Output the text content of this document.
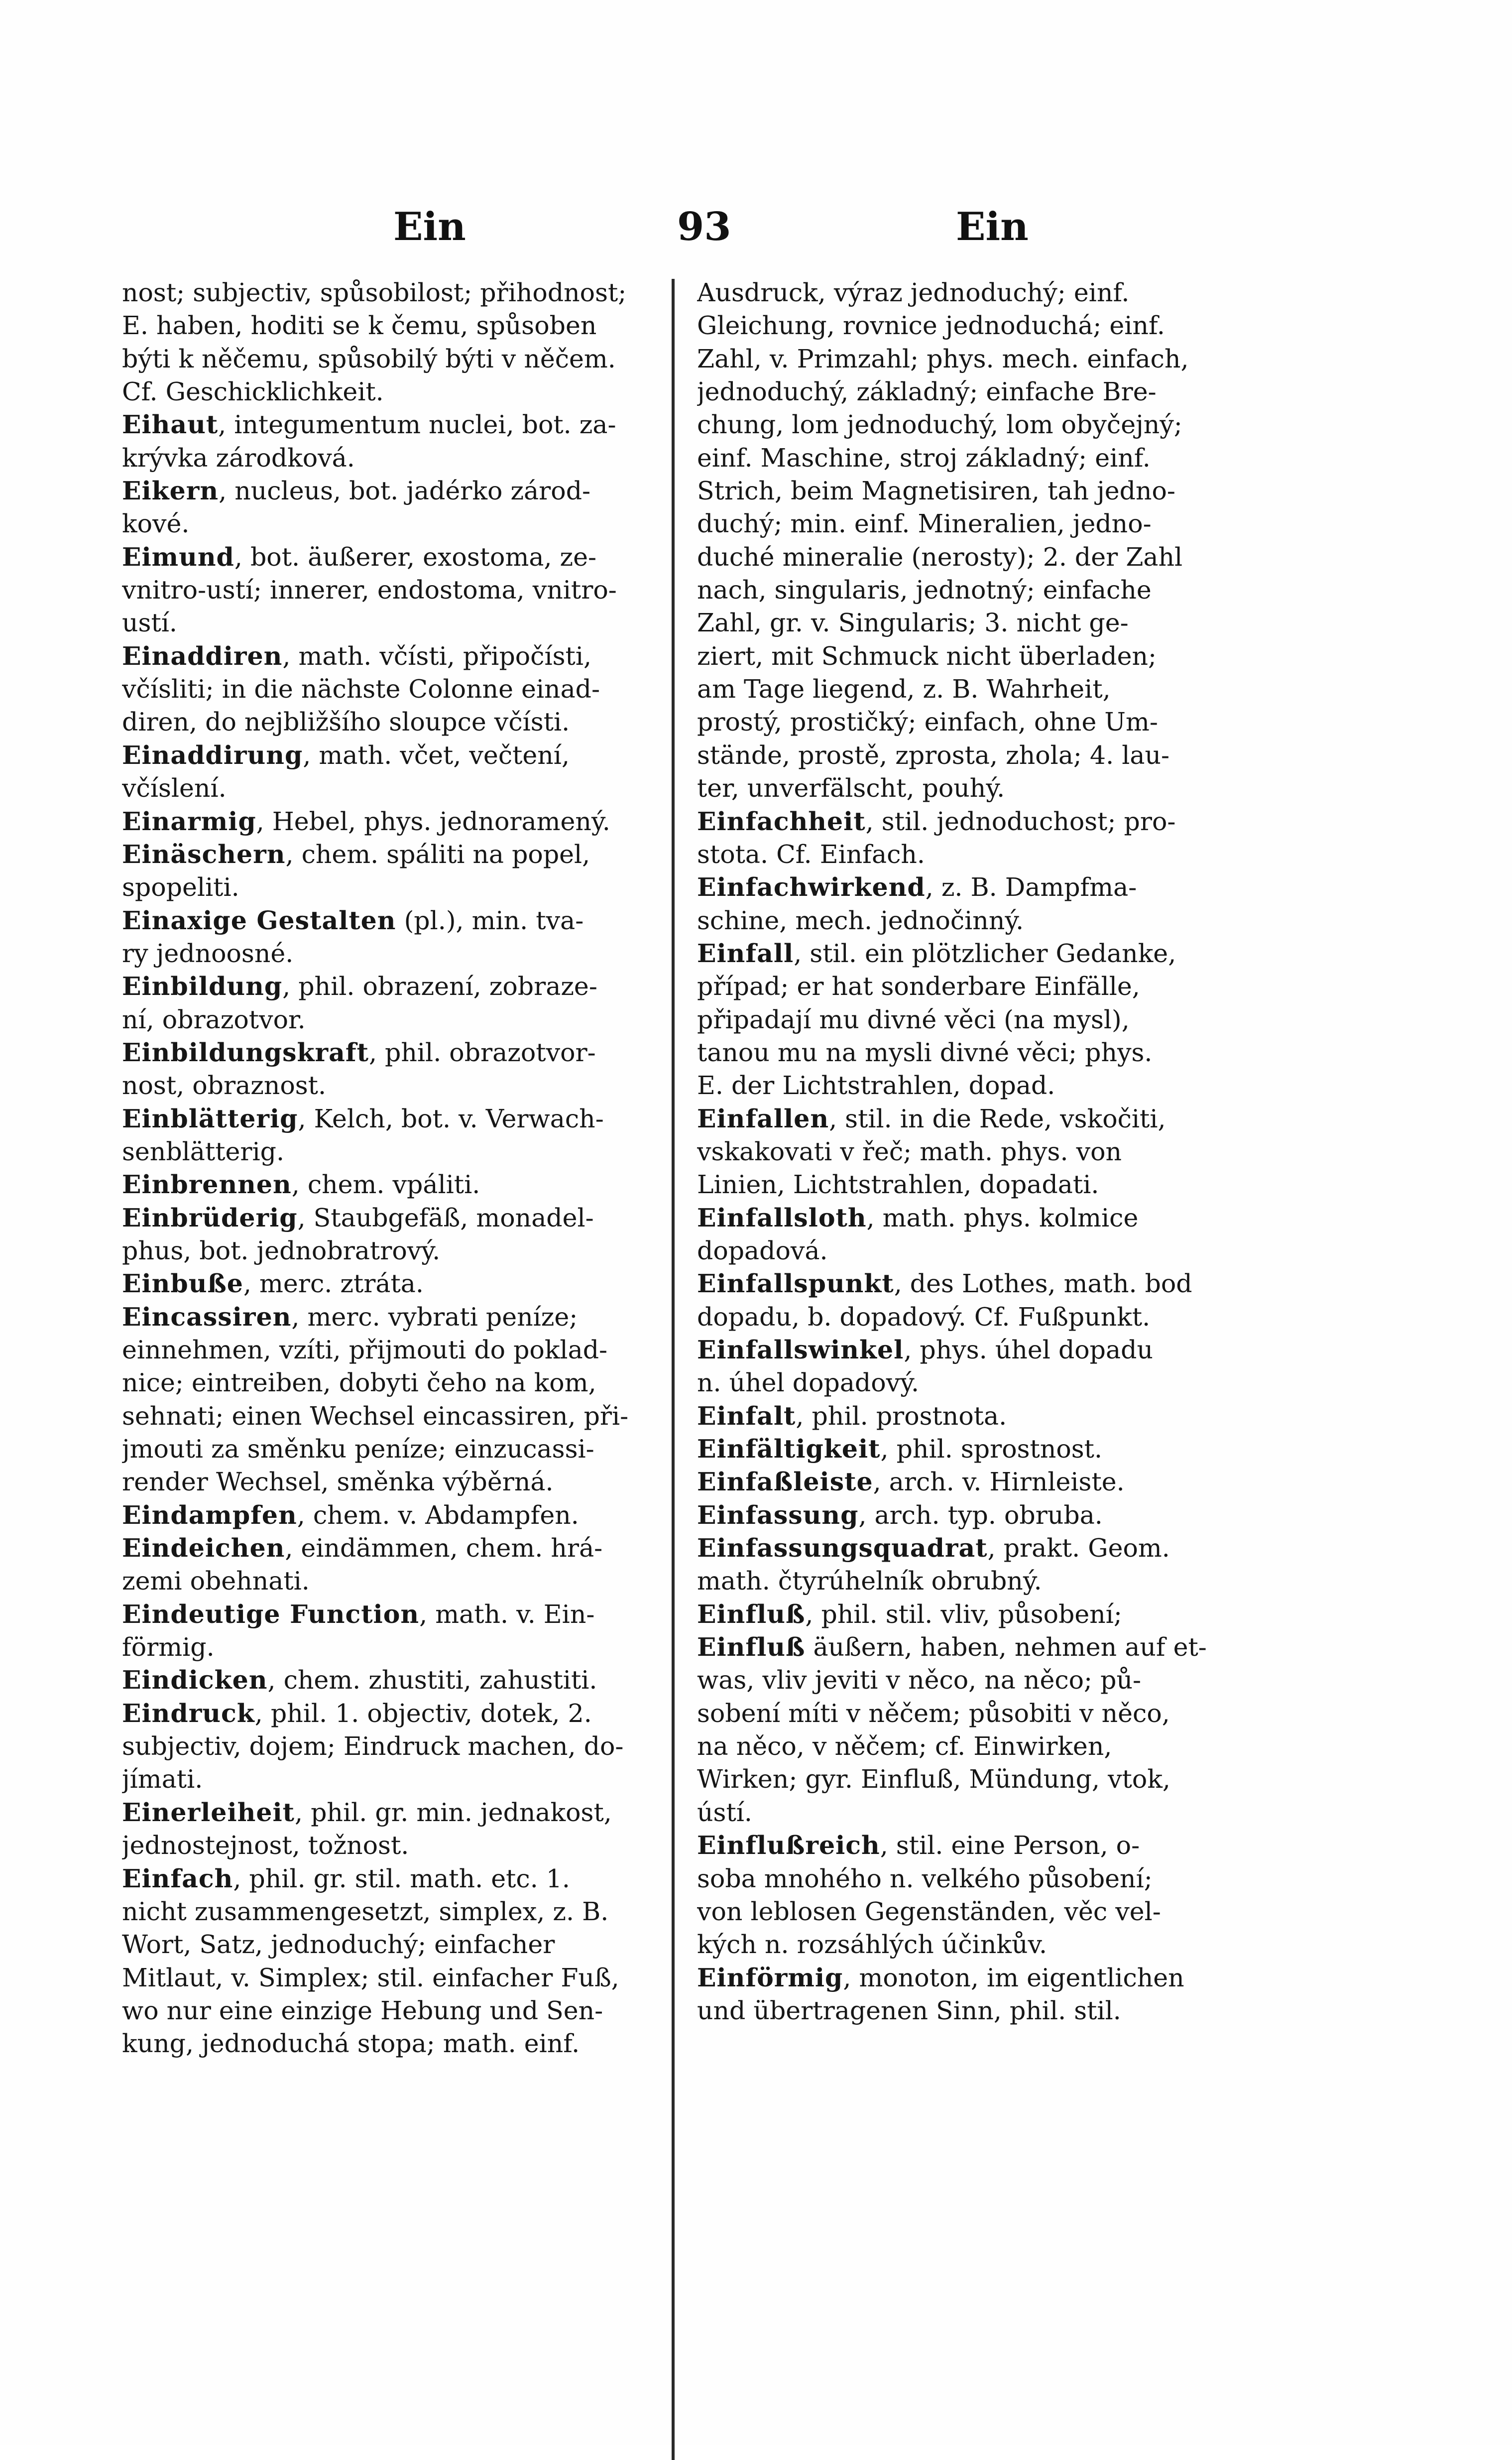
Ein	93	Ein
nost; subjectiv, spůsobilost; přihodnost;
E. haben, hoditi se k čemu, spůsoben
býti k něčemu, spůsobilý býti v něčem.
Cf. Geschicklichkeit.
Eihaut, integumentum nuclei, bot. za-
krývka zárodková.
Eikern, nucleus, bot. jadérko zárod-
kové.
Eimund, bot. äußerer, exostoma, ze-
vnitro-ustí; innerer, endostoma, vnitro-
ustí.
Einaddiren, math. včísti, připočísti,
včísliti; in die nächste Colonne einad-
diren, do nejbližšího sloupce včísti.
Einaddirung, math. včet, večtení,
včíslení.
Einarmig, Hebel, phys. jednoramený.
Einäschern, chem. spáliti na popel,
spopeliti.
Einaxige Gestalten (pl.), min. tva-
ry jednoosné.
Einbildung, phil. obrazení, zobraze-
ní, obrazotvor.
Einbildungskraft, phil. obrazotvor-
nost, obraznost.
Einblätterig, Kelch, bot. v. Verwach-
senblätterig.
Einbrennen, chem. vpáliti.
Einbrüderig, Staubgefäß, monadel-
phus, bot. jednobratrový.
Einbuße, merc. ztráta.
Eincassiren, merc. vybrati peníze;
einnehmen, vzíti, přijmouti do poklad-
nice; eintreiben, dobyti čeho na kom,
sehnati; einen Wechsel eincassiren, při-
jmouti za směnku peníze; einzucassi-
render Wechsel, směnka výběrná.
Eindampfen, chem. v. Abdampfen.
Eindeichen, eindämmen, chem. hrá-
zemi obehnati.
Eindeutige Function, math. v. Ein-
förmig.
Eindicken, chem. zhustiti, zahustiti.
Eindruck, phil. 1. objectiv, dotek, 2.
subjectiv, dojem; Eindruck machen, do-
jímati.
Einerleiheit, phil. gr. min. jednakost,
jednostejnost, tožnost.
Einfach, phil. gr. stil. math. etc. 1.
nicht zusammengesetzt, simplex, z. B.
Wort, Satz, jednoduchý; einfacher
Mitlaut, v. Simplex; stil. einfacher Fuß,
wo nur eine einzige Hebung und Sen-
kung, jednoduchá stopa; math. einf.
Ausdruck, výraz jednoduchý; einf.
Gleichung, rovnice jednoduchá; einf.
Zahl, v. Primzahl; phys. mech. einfach,
jednoduchý, základný; einfache Bre-
chung, lom jednoduchý, lom obyčejný;
einf. Maschine, stroj základný; einf.
Strich, beim Magnetisiren, tah jedno-
duchý; min. einf. Mineralien, jedno-
duché mineralie (nerosty); 2. der Zahl
nach, singularis, jednotný; einfache
Zahl, gr. v. Singularis; 3. nicht ge-
ziert, mit Schmuck nicht überladen;
am Tage liegend, z. B. Wahrheit,
prostý, prostičký; einfach, ohne Um-
stände, prostě, zprosta, zhola; 4. lau-
ter, unverfälscht, pouhý.
Einfachheit, stil. jednoduchost; pro-
stota. Cf. Einfach.
Einfachwirkend, z. B. Dampfma-
schine, mech. jednočinný.
Einfall, stil. ein plötzlicher Gedanke,
případ; er hat sonderbare Einfälle,
připadají mu divné věci (na mysl),
tanou mu na mysli divné věci; phys.
E. der Lichtstrahlen, dopad.
Einfallen, stil. in die Rede, vskočiti,
vskakovati v řeč; math. phys. von
Linien, Lichtstrahlen, dopadati.
Einfallsloth, math. phys. kolmice
dopadová.
Einfallspunkt, des Lothes, math. bod
dopadu, b. dopadový. Cf. Fußpunkt.
Einfallswinkel, phys. úhel dopadu
n. úhel dopadový.
Einfalt, phil. prostnota.
Einfältigkeit, phil. sprostnost.
Einfaßleiste, arch. v. Hirnleiste.
Einfassung, arch. typ. obruba.
Einfassungsquadrat, prakt. Geom.
math. čtyrúhelník obrubný.
Einfluß, phil. stil. vliv, působení;
Einfluß äußern, haben, nehmen auf et-
was, vliv jeviti v něco, na něco; pů-
sobení míti v něčem; působiti v něco,
na něco, v něčem; cf. Einwirken,
Wirken; gyr. Einfluß, Mündung, vtok,
ústí.
Einflußreich, stil. eine Person, o-
soba mnohého n. velkého působení;
von leblosen Gegenständen, věc vel-
kých n. rozsáhlých účinkův.
Einförmig, monoton, im eigentlichen
und übertragenen Sinn, phil. stil.
